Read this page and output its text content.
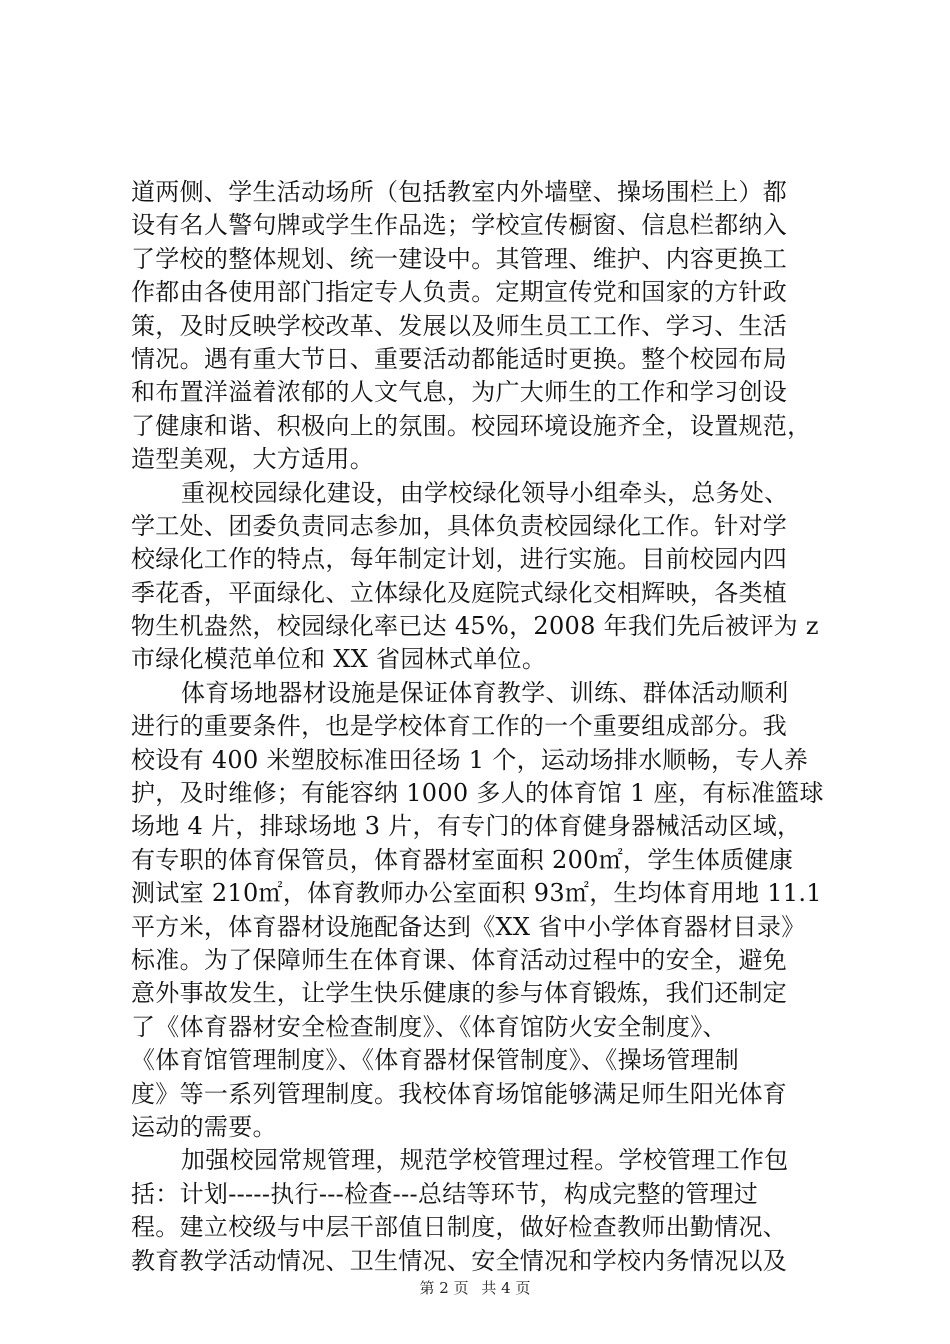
道两侧、学生活动场所（包括教室内外墙壁、操场围栏上）都
设有名人警句牌或学生作品选；学校宣传橱窗、信息栏都纳入
了学校的整体规划、统一建设中。其管理、维护、内容更换工
作都由各使用部门指定专人负责。定期宣传党和国家的方针政
策，及时反映学校改革、发展以及师生员工工作、学习、生活
情况。遇有重大节日、重要活动都能适时更换。整个校园布局
和布置洋溢着浓郁的人文气息，为广大师生的工作和学习创设
了健康和谐、积极向上的氛围。校园环境设施齐全，设置规范，
造型美观，大方适用。
重视校园绿化建设，由学校绿化领导小组牵头，总务处、
学工处、团委负责同志参加，具体负责校园绿化工作。针对学
校绿化工作的特点，每年制定计划，进行实施。目前校园内四
季花香，平面绿化、立体绿化及庭院式绿化交相辉映，各类植
物生机盎然，校园绿化率已达 45%，2008 年我们先后被评为 z
市绿化模范单位和 XX 省园林式单位。
体育场地器材设施是保证体育教学、训练、群体活动顺利
进行的重要条件，也是学校体育工作的一个重要组成部分。我
校设有 400 米塑胶标准田径场 1 个，运动场排水顺畅，专人养
护，及时维修；有能容纳 1000 多人的体育馆 1 座，有标准篮球
场地 4 片，排球场地 3 片，有专门的体育健身器械活动区域，
有专职的体育保管员，体育器材室面积 200㎡，学生体质健康
测试室 210㎡，体育教师办公室面积 93㎡，生均体育用地 11.1
平方米，体育器材设施配备达到《XX 省中小学体育器材目录》
标准。为了保障师生在体育课、体育活动过程中的安全，避免
意外事故发生，让学生快乐健康的参与体育锻炼，我们还制定
了《体育器材安全检查制度》、《体育馆防火安全制度》、
《体育馆管理制度》、《体育器材保管制度》、《操场管理制
度》等一系列管理制度。我校体育场馆能够满足师生阳光体育
运动的需要。
加强校园常规管理，规范学校管理过程。学校管理工作包
括：计划-----执行---检查---总结等环节，构成完整的管理过
程。建立校级与中层干部值日制度，做好检查教师出勤情况、
教育教学活动情况、卫生情况、安全情况和学校内务情况以及
第 2 页 共 4 页
